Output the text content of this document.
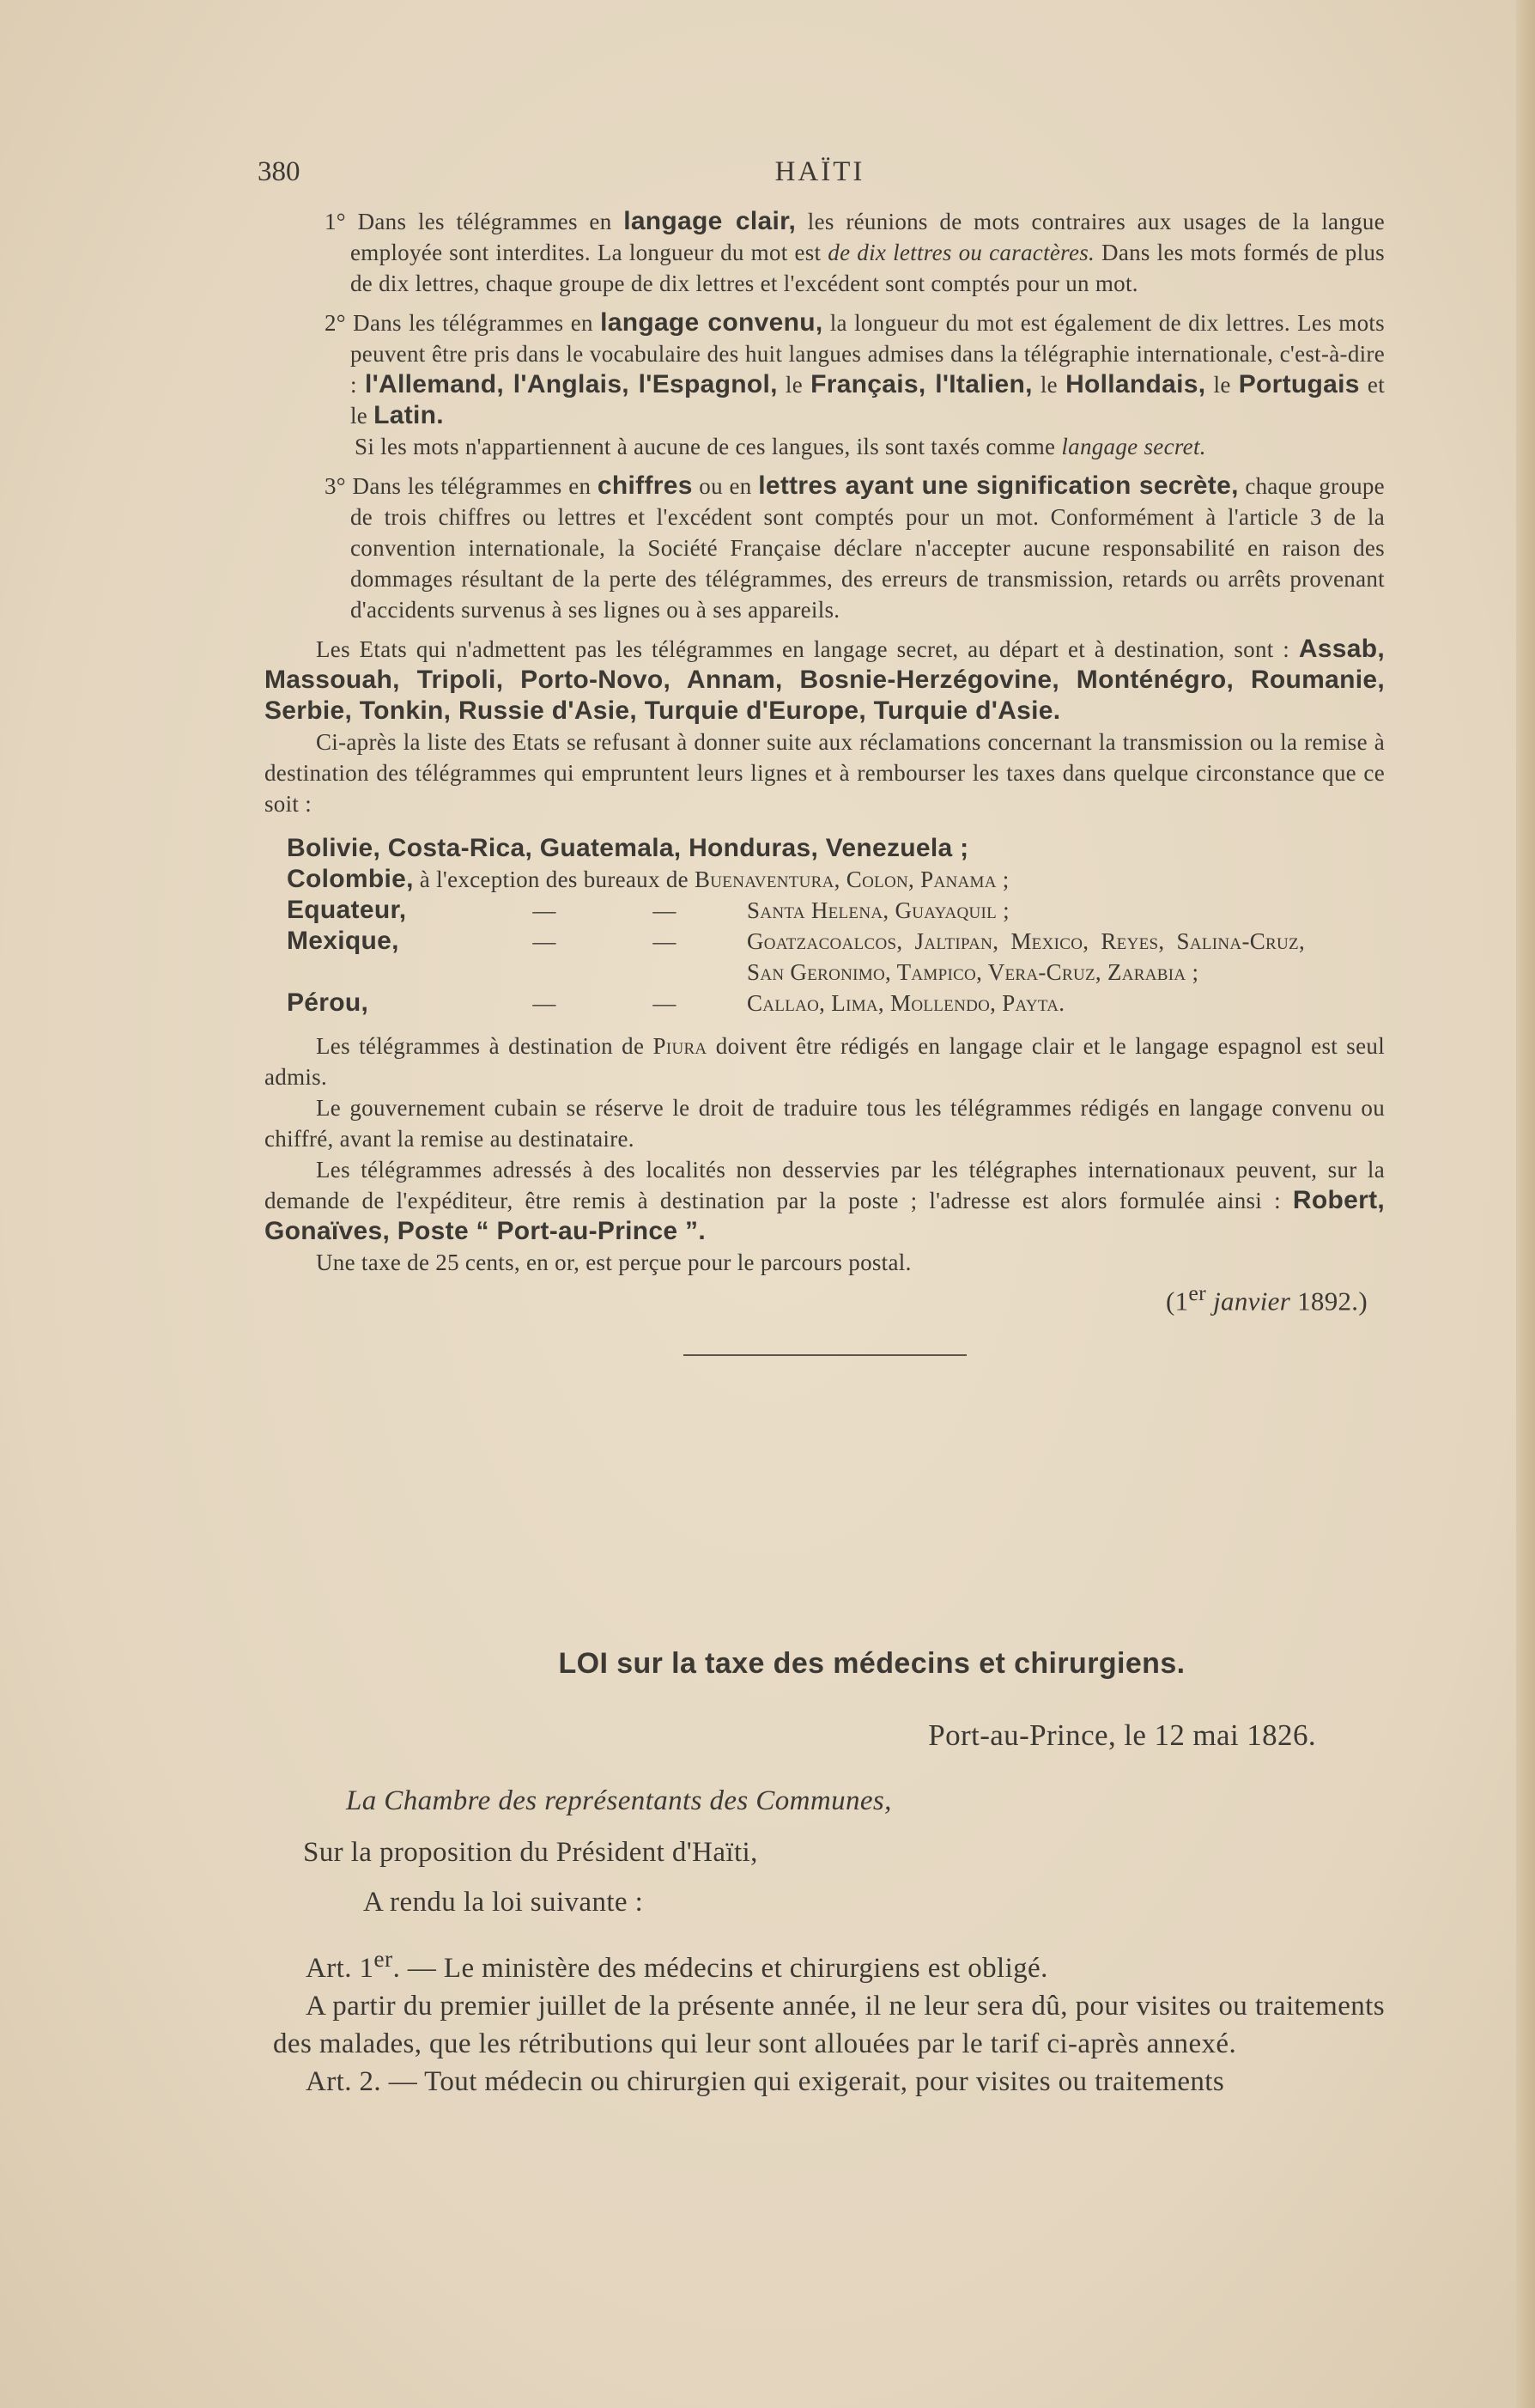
380	HAÏTI

1° Dans les télégrammes en langage clair, les réunions de mots contraires aux usages de la langue employée sont interdites. La longueur du mot est de dix lettres ou caractères. Dans les mots formés de plus de dix lettres, chaque groupe de dix lettres et l'excédent sont comptés pour un mot.

2° Dans les télégrammes en langage convenu, la longueur du mot est également de dix lettres. Les mots peuvent être pris dans le vocabulaire des huit langues admises dans la télégraphie internationale, c'est-à-dire : l'Allemand, l'Anglais, l'Espagnol, le Français, l'Italien, le Hollandais, le Portugais et le Latin.

Si les mots n'appartiennent à aucune de ces langues, ils sont taxés comme langage secret.

3° Dans les télégrammes en chiffres ou en lettres ayant une signification secrète, chaque groupe de trois chiffres ou lettres et l'excédent sont comptés pour un mot. Conformément à l'article 3 de la convention internationale, la Société Française déclare n'accepter aucune responsabilité en raison des dommages résultant de la perte des télégrammes, des erreurs de transmission, retards ou arrêts provenant d'accidents survenus à ses lignes ou à ses appareils.

Les Etats qui n'admettent pas les télégrammes en langage secret, au départ et à destination, sont : Assab, Massouah, Tripoli, Porto-Novo, Annam, Bosnie-Herzégovine, Monténégro, Roumanie, Serbie, Tonkin, Russie d'Asie, Turquie d'Europe, Turquie d'Asie.

Ci-après la liste des Etats se refusant à donner suite aux réclamations concernant la transmission ou la remise à destination des télégrammes qui empruntent leurs lignes et à rembourser les taxes dans quelque circonstance que ce soit :

Bolivie, Costa-Rica, Guatemala, Honduras, Venezuela ;			
Colombie, à l'exception des bureaux de Buenaventura, Colon, Panama ;			
Equateur,	—	—	Santa Helena, Guayaquil ;
Mexique,	—	—	Goatzacoalcos, Jaltipan, Mexico, Reyes, Salina-Cruz, San Geronimo, Tampico, Vera-Cruz, Zarabia ;
Pérou,	—	—	Callao, Lima, Mollendo, Payta.

Les télégrammes à destination de Piura doivent être rédigés en langage clair et le langage espagnol est seul admis.

Le gouvernement cubain se réserve le droit de traduire tous les télégrammes rédigés en langage convenu ou chiffré, avant la remise au destinataire.

Les télégrammes adressés à des localités non desservies par les télégraphes internationaux peuvent, sur la demande de l'expéditeur, être remis à destination par la poste ; l'adresse est alors formulée ainsi : Robert, Gonaïves, Poste “ Port-au-Prince ”.

Une taxe de 25 cents, en or, est perçue pour le parcours postal.

(1er janvier 1892.)

LOI sur la taxe des médecins et chirurgiens.

Port-au-Prince, le 12 mai 1826.

La Chambre des représentants des Communes,

Sur la proposition du Président d'Haïti,

A rendu la loi suivante :

Art. 1er. — Le ministère des médecins et chirurgiens est obligé.

A partir du premier juillet de la présente année, il ne leur sera dû, pour visites ou traitements des malades, que les rétributions qui leur sont allouées par le tarif ci-après annexé.

Art. 2. — Tout médecin ou chirurgien qui exigerait, pour visites ou traitements
